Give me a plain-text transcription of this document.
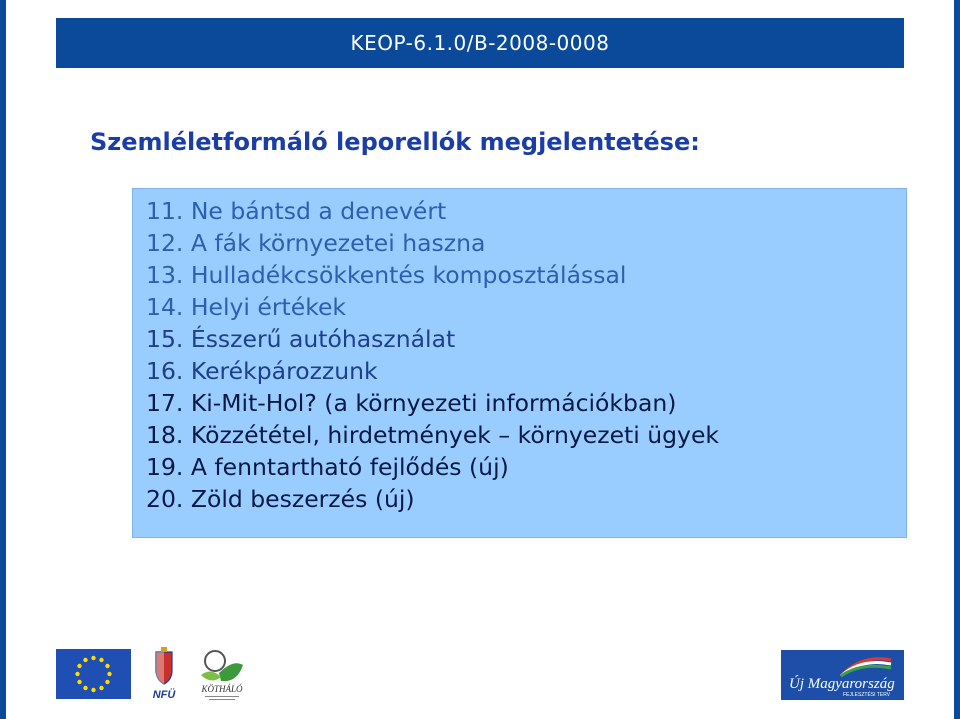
KEOP-6.1.0/B-2008-0008
Szemléletformáló leporellók megjelentetése:
11. Ne bántsd a denevért
12. A fák környezetei haszna
13. Hulladékcsökkentés komposztálással
14. Helyi értékek
15. Ésszerű autóhasználat
16. Kerékpározzunk
17. Ki-Mit-Hol? (a környezeti információkban)
18. Közzététel, hirdetmények – környezeti ügyek
19. A fenntartható fejlődés (új)
20. Zöld beszerzés (új)
NFÜ	KÖTHÁLÓ	Új Magyarország
FEJLESZTÉSI TERV
